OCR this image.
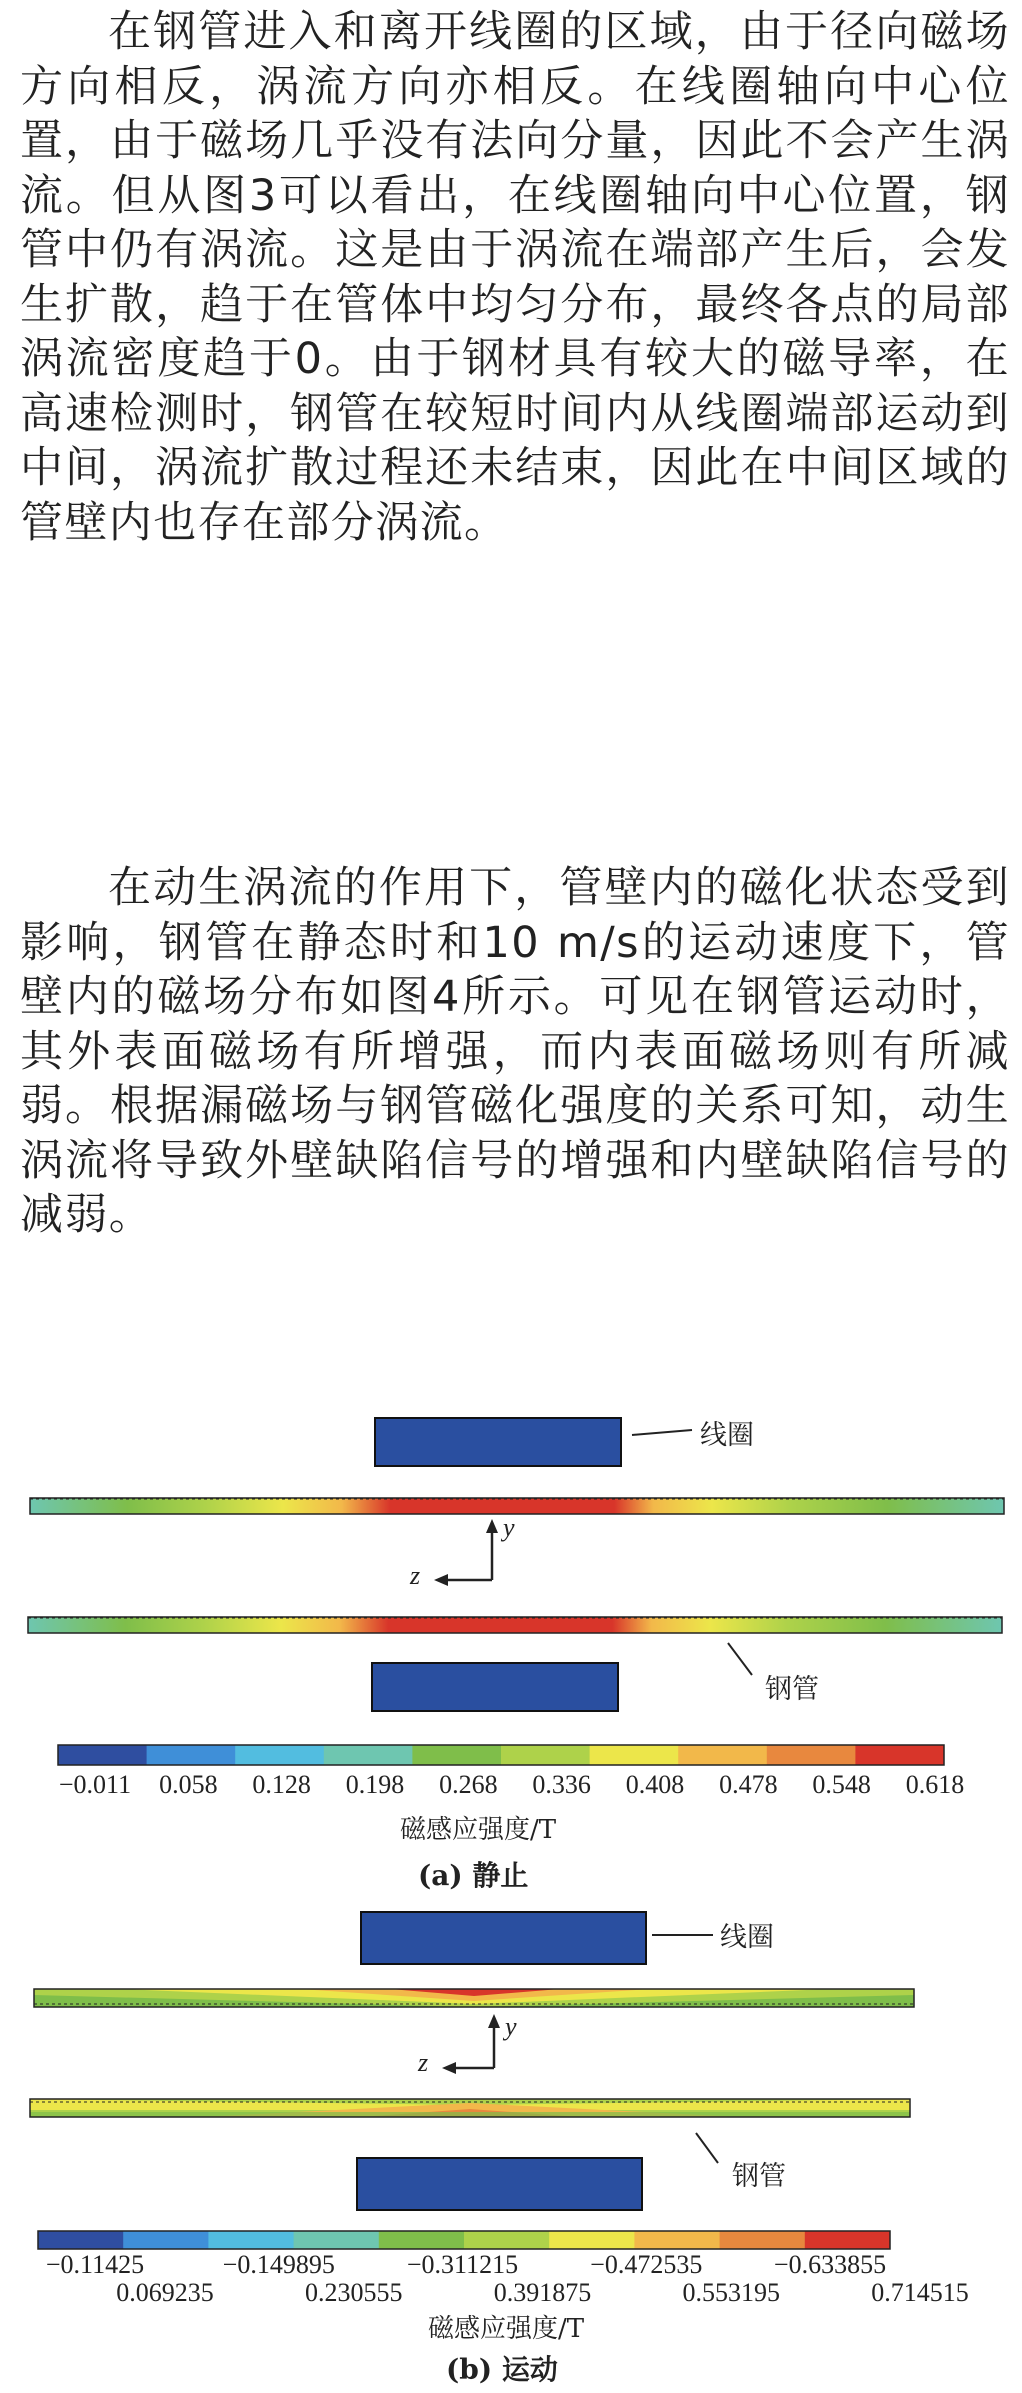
在钢管进入和离开线圈的区域，由于径向磁场方向相反，涡流方向亦相反。在线圈轴向中心位置，由于磁场几乎没有法向分量，因此不会产生涡流。但从图3可以看出，在线圈轴向中心位置，钢管中仍有涡流。这是由于涡流在端部产生后，会发生扩散，趋于在管体中均匀分布，最终各点的局部涡流密度趋于0。由于钢材具有较大的磁导率，在高速检测时，钢管在较短时间内从线圈端部运动到中间，涡流扩散过程还未结束，因此在中间区域的管壁内也存在部分涡流。

在动生涡流的作用下，管壁内的磁化状态受到影响，钢管在静态时和10 m/s的运动速度下，管壁内的磁场分布如图4所示。可见在钢管运动时，其外表面磁场有所增强，而内表面磁场则有所减弱。根据漏磁场与钢管磁化强度的关系可知，动生涡流将导致外壁缺陷信号的增强和内壁缺陷信号的减弱。

线圈
y
z
钢管
−0.011 0.058 0.128 0.198 0.268 0.336 0.408 0.478 0.548 0.618
磁感应强度/T
(a) 静止
线圈
y
z
钢管
−0.11425	−0.149895	−0.311215	−0.472535	−0.633855
0.069235	0.230555	0.391875	0.553195	0.714515
磁感应强度/T
(b) 运动
